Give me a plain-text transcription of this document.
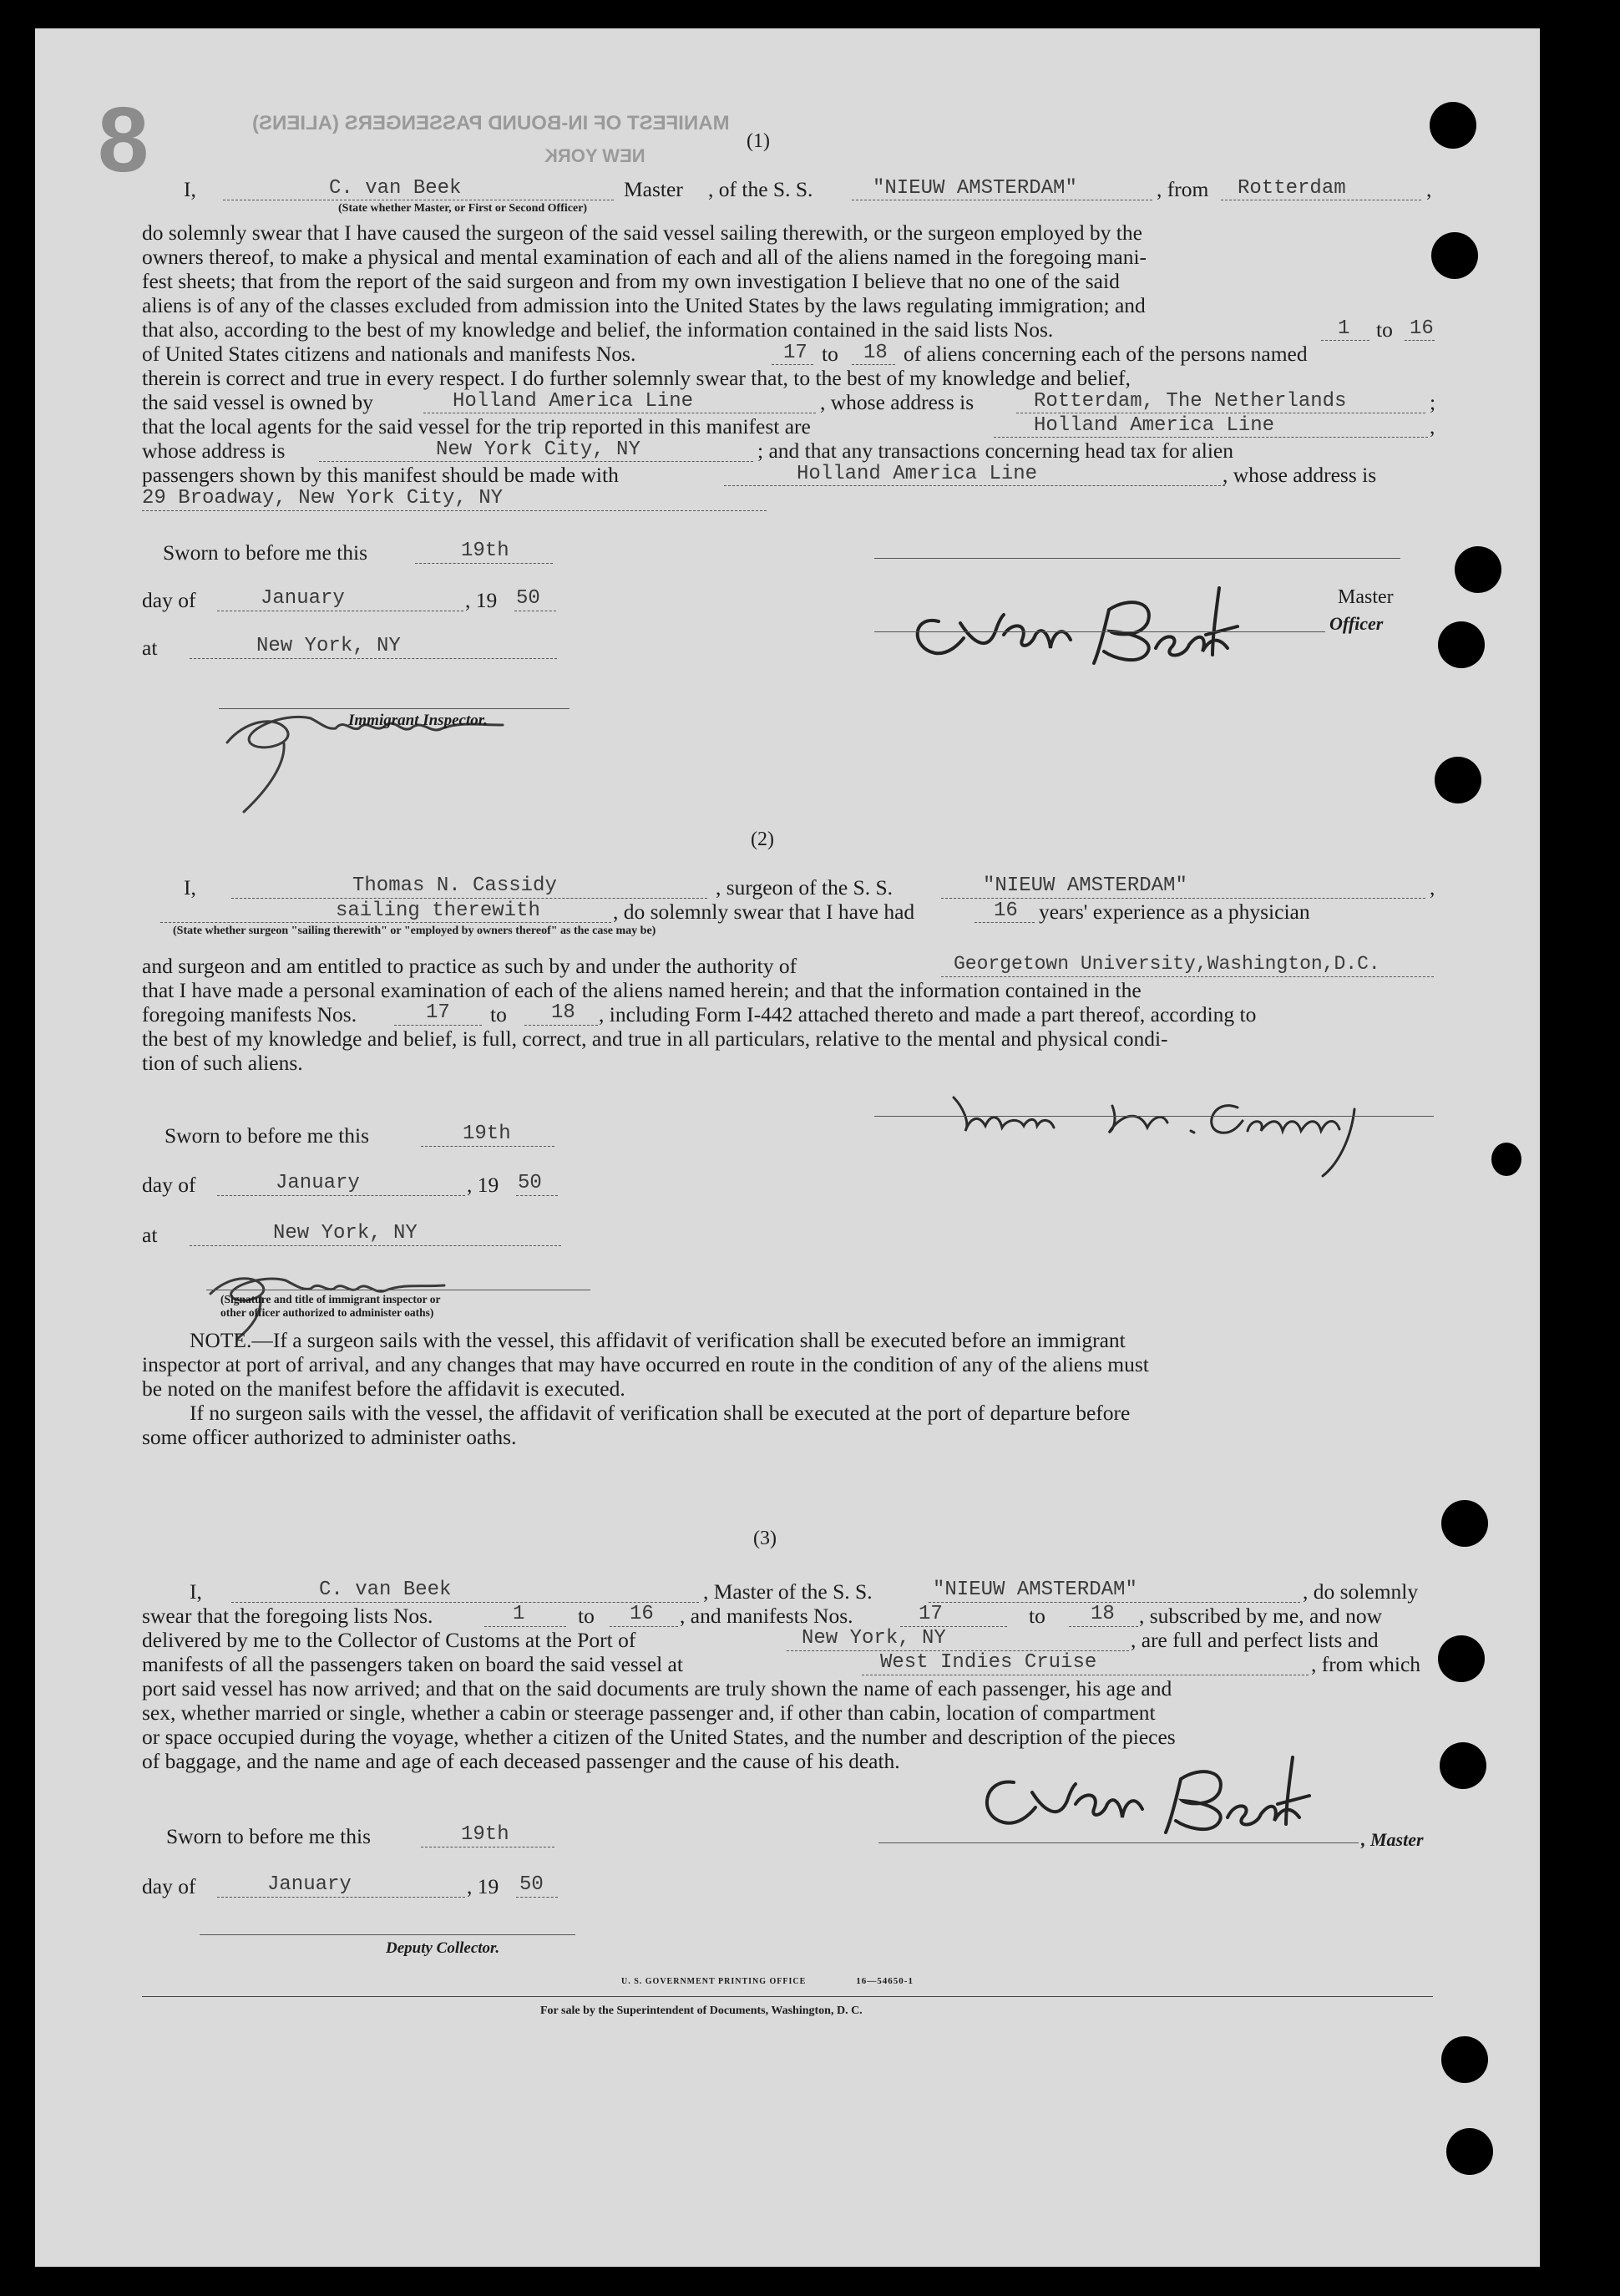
8	MANIFEST OF IN-BOUND PASSENGERS (ALIENS)
NEW YORK
(1)
I,	C. van Beek	Master , of the S. S.	"NIEUW AMSTERDAM"	, from Rotterdam	,
(State whether Master, or First or Second Officer)
do solemnly swear that I have caused the surgeon of the said vessel sailing therewith, or the surgeon employed by the
owners thereof, to make a physical and mental examination of each and all of the aliens named in the foregoing mani-
fest sheets; that from the report of the said surgeon and from my own investigation I believe that no one of the said
aliens is of any of the classes excluded from admission into the United States by the laws regulating immigration; and
that also, according to the best of my knowledge and belief, the information contained in the said lists Nos.	1 to 16
of United States citizens and nationals and manifests Nos.	17 to 18 of aliens concerning each of the persons named
therein is correct and true in every respect. I do further solemnly swear that, to the best of my knowledge and belief,
the said vessel is owned by	Holland America Line	, whose address is	Rotterdam, The Netherlands	;
that the local agents for the said vessel for the trip reported in this manifest are	Holland America Line	,
whose address is	New York City, NY	; and that any transactions concerning head tax for alien
passengers shown by this manifest should be made with	Holland America Line	, whose address is
29 Broadway, New York City, NY
Sworn to before me this	19th
day of	January	, 19 50
at	New York, NY
Immigrant Inspector.
Master
Officer
(2)
I,	Thomas N. Cassidy	, surgeon of the S. S.	"NIEUW AMSTERDAM"	,
sailing therewith	, do solemnly swear that I have had	16 years' experience as a physician
(State whether surgeon "sailing therewith" or "employed by owners thereof" as the case may be)
and surgeon and am entitled to practice as such by and under the authority of	Georgetown University,Washington,D.C.
that I have made a personal examination of each of the aliens named herein; and that the information contained in the
foregoing manifests Nos.	17 to 18 , including Form I-442 attached thereto and made a part thereof, according to
the best of my knowledge and belief, is full, correct, and true in all particulars, relative to the mental and physical condi-
tion of such aliens.
Sworn to before me this	19th
day of	January	, 19 50
at	New York, NY
(Signature and title of immigrant inspector or
other officer authorized to administer oaths)
NOTE.—If a surgeon sails with the vessel, this affidavit of verification shall be executed before an immigrant
inspector at port of arrival, and any changes that may have occurred en route in the condition of any of the aliens must
be noted on the manifest before the affidavit is executed.
If no surgeon sails with the vessel, the affidavit of verification shall be executed at the port of departure before
some officer authorized to administer oaths.
(3)
I,	C. van Beek	, Master of the S. S.	"NIEUW AMSTERDAM"	, do solemnly
swear that the foregoing lists Nos.	1 to 16 , and manifests Nos.	17	to 18 , subscribed by me, and now
delivered by me to the Collector of Customs at the Port of	New York, NY	, are full and perfect lists and
manifests of all the passengers taken on board the said vessel at	West Indies Cruise	, from which
port said vessel has now arrived; and that on the said documents are truly shown the name of each passenger, his age and
sex, whether married or single, whether a cabin or steerage passenger and, if other than cabin, location of compartment
or space occupied during the voyage, whether a citizen of the United States, and the number and description of the pieces
of baggage, and the name and age of each deceased passenger and the cause of his death.
, Master
Sworn to before me this	19th
day of	January	, 19 50
Deputy Collector.
U. S. GOVERNMENT PRINTING OFFICE	16—54650-1
For sale by the Superintendent of Documents, Washington, D. C.
